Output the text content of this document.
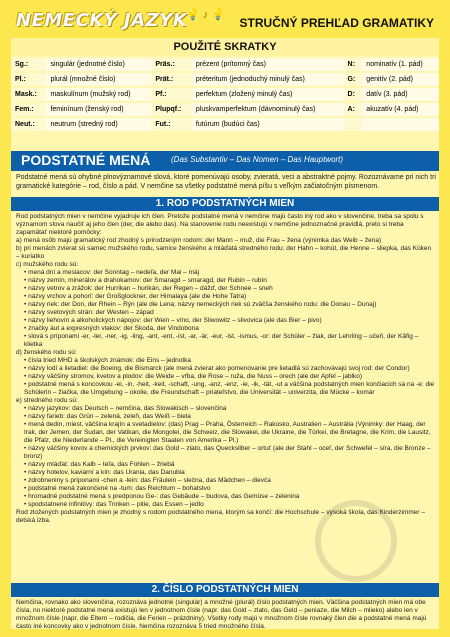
NEMECKÝ JAZYK
💡 ♪ 💡
STRUČNÝ PREHĽAD GRAMATIKY
POUŽITÉ SKRATKY
Sg.:	singulár (jednotné číslo)	Präs.:	prézent (prítomný čas)	N:	nominatív (1. pád)
Pl.:	plurál (množné číslo)	Prät.:	préteritum (jednoduchý minulý čas)	G:	genitív (2. pád)
Mask.:	maskulínum (mužský rod)	Pf.:	perfektum (zložený minulý čas)	D:	datív (3. pád)
Fem.:	feminínum (ženský rod)	Plupqf.:	pluskvamperfektum (dávnominulý čas)	A:	akuzatív (4. pád)
Neut.:	neutrum (stredný rod)	Fut.:	futúrum (budúci čas)		
PODSTATNÉ MENÁ	(Das Substantiv – Das Nomen – Das Hauptwort)
Podstatné mená sú ohybné plnovýznamové slová, ktoré pomenúvajú osoby, zvieratá, veci a abstraktné pojmy. Rozoznávame pri nich tri gramatické kategórie – rod, číslo a pád. V nemčine sa všetky podstatné mená píšu s veľkým začiatočným písmenom.
1. ROD PODSTATNÝCH MIEN
Rod podstatných mien v nemčine vyjadruje ich člen. Pretože podstatné mená v nemčine majú často iný rod ako v slovenčine, treba sa spolu s významom slova naučiť aj jeho člen (der, die alebo das). Na stanovenie rodu neexistujú v nemčine jednoznačné pravidlá, preto si treba zapamätať niektoré pomôcky:
a) mená osôb majú gramatický rod zhodný s prirodzeným rodom: der Mann – muž, die Frau – žena (výnimka das Weib – žena)
b) pri menách zvierat sú samec mužského rodu, samice ženského a mláďatá stredného rodu: der Hahn – kohút, die Henne – sliepka, das Küken – kuriatko
c) mužského rodu sú:
• mená dní a mesiacov: der Sonntag – nedeľa, der Mai – máj
• názvy zemín, minerálov a drahokamov: der Smaragd – smaragd, der Rubin – rubín
• názvy vetrov a zrážok: der Hurrikan – hurikán, der Regen – dážď, der Schnee – sneh
• názvy vrchov a pohorí: der Großglockner, der Himalaya (ale die Hohe Tatra)
• názvy riek: der Don, der Rhein – Rýn (ale die Lena; názvy nemeckých riek sú zväčša ženského rodu: die Donau – Dunaj)
• názvy svetových strán: der Westen – západ
• názvy liehovín a alkoholických nápojov: der Wein – víno, der Sliwowitz – slivovica (ale das Bier – pivo)
• značky áut a expresných vlakov: der Skoda, der Vindobona
• slová s príponami -er, -ler, -ner, -ig, -ling, -ant, -ent, -ist, -ar, -är, -eur, -ist, -ismus, -or: der Schüler – žiak, der Lehrling – učeň, der Käfig – klietka
d) ženského rodu sú:
• čísla tried MHD a školských známok: die Eins – jednotka
• názvy lodí a lietadiel: die Boeing, die Bismarck (ale mená zvierat ako pomenovanie pre lietadlá sú zachovávajú svoj rod: der Condor)
• názvy väčšiny stromov, kvetov a plodov: die Weide – vŕba, die Rose – ruža, die Nuss – orech (ale der Apfel – jablko)
• podstatné mená s koncovkou -ei, -in, -heit, -keit, -schaft, -ung, -anz, -enz, -ie, -ik, -tät, -ut a väčšina podstatných mien končiacich sa na -e: die Schülerin – žiačka, die Umgebung – okolie, die Freundschaft – priateľstvo, die Universität – univerzita, die Mücke – komár
e) stredného rodu sú:
• názvy jazykov: das Deutsch – nemčina, das Slowakisch – slovenčina
• názvy farieb: das Grün – zelená, zeleň, das Weiß – biela
• mená dedín, miest, väčšina krajín a svetadielov: (das) Prag – Praha, Österreich – Rakúsko, Australien – Austrália (Výnimky: der Haag, der Irak, der Jemen, der Sudan, der Vatikan, die Mongolei, die Schweiz, die Slowakei, die Ukraine, die Türkei, die Bretagne, die Krim, die Lausitz, die Pfalz, die Niederlande – Pl., die Vereinigten Staaten von Amerika – Pl.)
• názvy väčšiny kovov a chemických prvkov: das Gold – zlato, das Quecksilber – ortuť (ale der Stahl – oceľ, der Schwefel – síra, die Bronze – bronz)
• názvy mláďat: das Kalb – teľa, das Fohlen – žriebä
• názvy hotelov, kaviarní a kín: das Urania, das Danubia
• zdrobneniny s príponami -chen a -lein: das Fräulein – slečna, das Mädchen – dievča
• podstatné mená zakončené na -tum: das Reichtum – bohatstvo
• hromadné podstatné mená s predponou Ge-: das Gebäude – budova, das Gemüse – zelenina
• spodstatnené infinitívy: das Trinken – pitie, das Essen – jedlo
Rod zložených podstatných mien je zhodný s rodom podstatného mena, ktorým sa končí: die Hochschule – vysoká škola, das Kinderzimmer – detská izba.
2. ČÍSLO PODSTATNÝCH MIEN
Nemčina, rovnako ako slovenčina, rozoznáva jednotné (singulár) a množné (plurál) číslo podstatných mien. Väčšina podstatných mien má obe čísla, no niektoré podstatné mená existujú len v jednotnom čísle (napr. das Gold – zlato, das Geld – peniaze, die Milch – mlieko) alebo len v množnom čísle (napr. die Eltern – rodičia, die Ferien – prázdniny). Všetky rody majú v množnom čísle rovnaký člen die a podstatné mená majú často iné koncovky ako v jednotnom čísle. Nemčina rozoznáva 5 tried množného čísla.
